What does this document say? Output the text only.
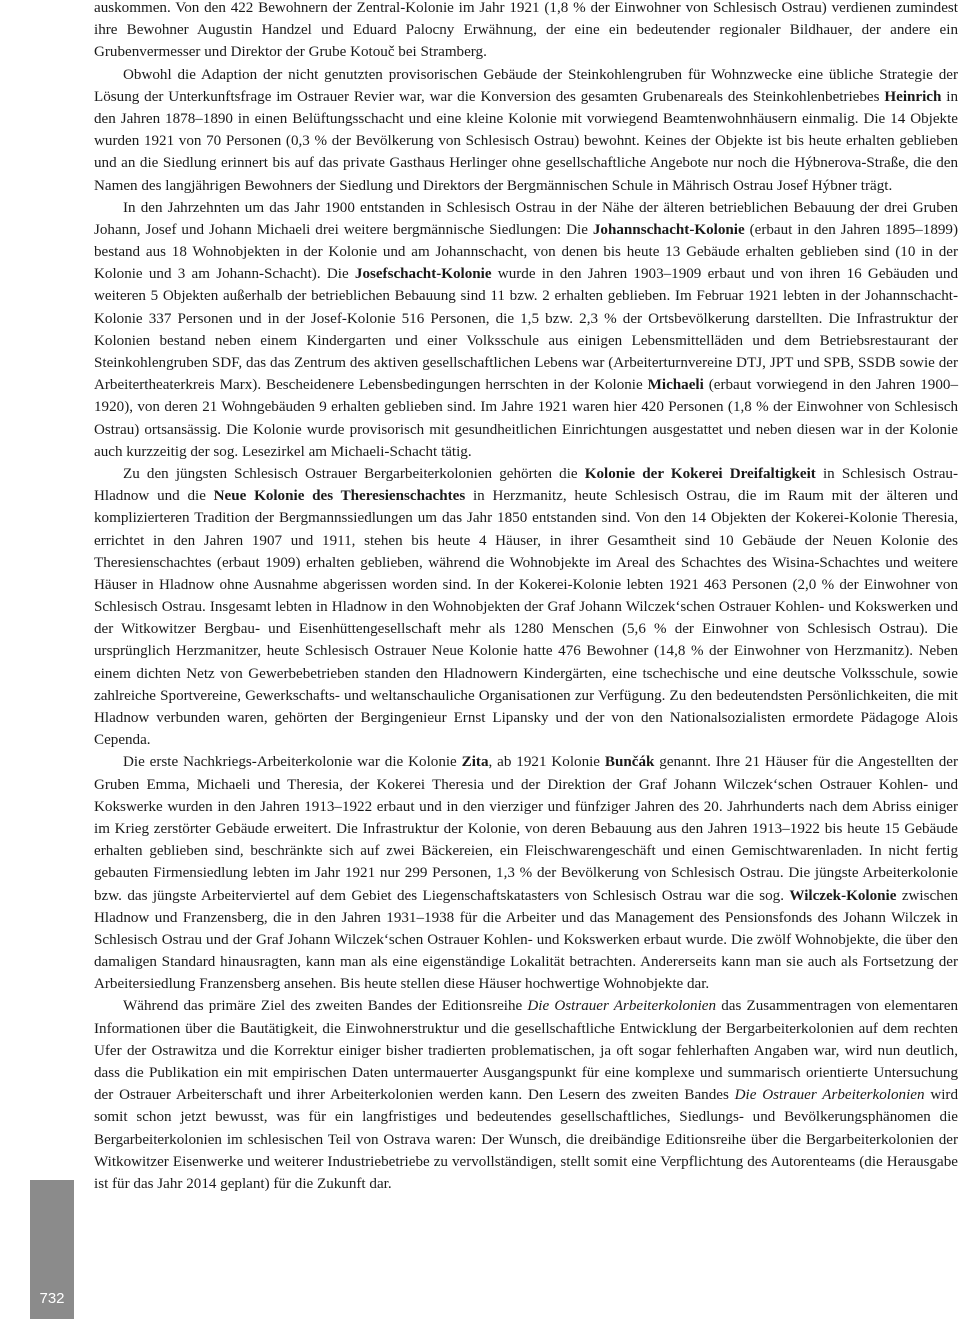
732

auskommen. Von den 422 Bewohnern der Zentral-Kolonie im Jahr 1921 (1,8 % der Einwohner von Schlesisch Ostrau) verdienen zumindest ihre Bewohner Augustin Handzel und Eduard Palocny Erwähnung, der eine ein bedeutender regionaler Bildhauer, der andere ein Grubenvermesser und Direktor der Grube Kotouč bei Stramberg.

Obwohl die Adaption der nicht genutzten provisorischen Gebäude der Steinkohlengruben für Wohnzwecke eine übliche Strategie der Lösung der Unterkunftsfrage im Ostrauer Revier war, war die Konversion des gesamten Grubenareals des Steinkohlenbetriebes Heinrich in den Jahren 1878–1890 in einen Belüftungsschacht und eine kleine Kolonie mit vorwiegend Beamtenwohnhäusern einmalig. Die 14 Objekte wurden 1921 von 70 Personen (0,3 % der Bevölkerung von Schlesisch Ostrau) bewohnt. Keines der Objekte ist bis heute erhalten geblieben und an die Siedlung erinnert bis auf das private Gasthaus Herlinger ohne gesellschaftliche Angebote nur noch die Hýbnerova-Straße, die den Namen des langjährigen Bewohners der Siedlung und Direktors der Bergmännischen Schule in Mährisch Ostrau Josef Hýbner trägt.

In den Jahrzehnten um das Jahr 1900 entstanden in Schlesisch Ostrau in der Nähe der älteren betrieblichen Bebauung der drei Gruben Johann, Josef und Johann Michaeli drei weitere bergmännische Siedlungen: Die Johannschacht-Kolonie (erbaut in den Jahren 1895–1899) bestand aus 18 Wohnobjekten in der Kolonie und am Johannschacht, von denen bis heute 13 Gebäude erhalten geblieben sind (10 in der Kolonie und 3 am Johann-Schacht). Die Josefschacht-Kolonie wurde in den Jahren 1903–1909 erbaut und von ihren 16 Gebäuden und weiteren 5 Objekten außerhalb der betrieblichen Bebauung sind 11 bzw. 2 erhalten geblieben. Im Februar 1921 lebten in der Johannschacht-Kolonie 337 Personen und in der Josef-Kolonie 516 Personen, die 1,5 bzw. 2,3 % der Ortsbevölkerung darstellten. Die Infrastruktur der Kolonien bestand neben einem Kindergarten und einer Volksschule aus einigen Lebensmittelläden und dem Betriebsrestaurant der Steinkohlengruben SDF, das das Zentrum des aktiven gesellschaftlichen Lebens war (Arbeiterturnvereine DTJ, JPT und SPB, SSDB sowie der Arbeitertheaterkreis Marx). Bescheidenere Lebensbedingungen herrschten in der Kolonie Michaeli (erbaut vorwiegend in den Jahren 1900–1920), von deren 21 Wohngebäuden 9 erhalten geblieben sind. Im Jahre 1921 waren hier 420 Personen (1,8 % der Einwohner von Schlesisch Ostrau) ortsansässig. Die Kolonie wurde provisorisch mit gesundheitlichen Einrichtungen ausgestattet und neben diesen war in der Kolonie auch kurzzeitig der sog. Lesezirkel am Michaeli-Schacht tätig.

Zu den jüngsten Schlesisch Ostrauer Bergarbeiterkolonien gehörten die Kolonie der Kokerei Dreifaltigkeit in Schlesisch Ostrau-Hladnow und die Neue Kolonie des Theresienschachtes in Herzmanitz, heute Schlesisch Ostrau, die im Raum mit der älteren und komplizierteren Tradition der Bergmannssiedlungen um das Jahr 1850 entstanden sind. Von den 14 Objekten der Kokerei-Kolonie Theresia, errichtet in den Jahren 1907 und 1911, stehen bis heute 4 Häuser, in ihrer Gesamtheit sind 10 Gebäude der Neuen Kolonie des Theresienschachtes (erbaut 1909) erhalten geblieben, während die Wohnobjekte im Areal des Schachtes des Wisina-Schachtes und weitere Häuser in Hladnow ohne Ausnahme abgerissen worden sind. In der Kokerei-Kolonie lebten 1921 463 Personen (2,0 % der Einwohner von Schlesisch Ostrau. Insgesamt lebten in Hladnow in den Wohnobjekten der Graf Johann Wilczek‘schen Ostrauer Kohlen- und Kokswerken und der Witkowitzer Bergbau- und Eisenhüttengesellschaft mehr als 1280 Menschen (5,6 % der Einwohner von Schlesisch Ostrau). Die ursprünglich Herzmanitzer, heute Schlesisch Ostrauer Neue Kolonie hatte 476 Bewohner (14,8 % der Einwohner von Herzmanitz). Neben einem dichten Netz von Gewerbebetrieben standen den Hladnowern Kindergärten, eine tschechische und eine deutsche Volksschule, sowie zahlreiche Sportvereine, Gewerkschafts- und weltanschauliche Organisationen zur Verfügung. Zu den bedeutendsten Persönlichkeiten, die mit Hladnow verbunden waren, gehörten der Bergingenieur Ernst Lipansky und der von den Nationalsozialisten ermordete Pädagoge Alois Cependa.

Die erste Nachkriegs-Arbeiterkolonie war die Kolonie Zita, ab 1921 Kolonie Bunčák genannt. Ihre 21 Häuser für die Angestellten der Gruben Emma, Michaeli und Theresia, der Kokerei Theresia und der Direktion der Graf Johann Wilczek‘schen Ostrauer Kohlen- und Kokswerke wurden in den Jahren 1913–1922 erbaut und in den vierziger und fünfziger Jahren des 20. Jahrhunderts nach dem Abriss einiger im Krieg zerstörter Gebäude erweitert. Die Infrastruktur der Kolonie, von deren Bebauung aus den Jahren 1913–1922 bis heute 15 Gebäude erhalten geblieben sind, beschränkte sich auf zwei Bäckereien, ein Fleischwarengeschäft und einen Gemischtwarenladen. In nicht fertig gebauten Firmensiedlung lebten im Jahr 1921 nur 299 Personen, 1,3 % der Bevölkerung von Schlesisch Ostrau. Die jüngste Arbeiterkolonie bzw. das jüngste Arbeiterviertel auf dem Gebiet des Liegenschaftskatasters von Schlesisch Ostrau war die sog. Wilczek-Kolonie zwischen Hladnow und Franzensberg, die in den Jahren 1931–1938 für die Arbeiter und das Management des Pensionsfonds des Johann Wilczek in Schlesisch Ostrau und der Graf Johann Wilczek‘schen Ostrauer Kohlen- und Kokswerken erbaut wurde. Die zwölf Wohnobjekte, die über den damaligen Standard hinausragten, kann man als eine eigenständige Lokalität betrachten. Andererseits kann man sie auch als Fortsetzung der Arbeitersiedlung Franzensberg ansehen. Bis heute stellen diese Häuser hochwertige Wohnobjekte dar.

Während das primäre Ziel des zweiten Bandes der Editionsreihe Die Ostrauer Arbeiterkolonien das Zusammentragen von elementaren Informationen über die Bautätigkeit, die Einwohnerstruktur und die gesellschaftliche Entwicklung der Bergarbeiterkolonien auf dem rechten Ufer der Ostrawitza und die Korrektur einiger bisher tradierten problematischen, ja oft sogar fehlerhaften Angaben war, wird nun deutlich, dass die Publikation ein mit empirischen Daten untermauerter Ausgangspunkt für eine komplexe und summarisch orientierte Untersuchung der Ostrauer Arbeiterschaft und ihrer Arbeiterkolonien werden kann. Den Lesern des zweiten Bandes Die Ostrauer Arbeiterkolonien wird somit schon jetzt bewusst, was für ein langfristiges und bedeutendes gesellschaftliches, Siedlungs- und Bevölkerungsphänomen die Bergarbeiterkolonien im schlesischen Teil von Ostrava waren: Der Wunsch, die dreibändige Editionsreihe über die Bergarbeiterkolonien der Witkowitzer Eisenwerke und weiterer Industriebetriebe zu vervollständigen, stellt somit eine Verpflichtung des Autorenteams (die Herausgabe ist für das Jahr 2014 geplant) für die Zukunft dar.
